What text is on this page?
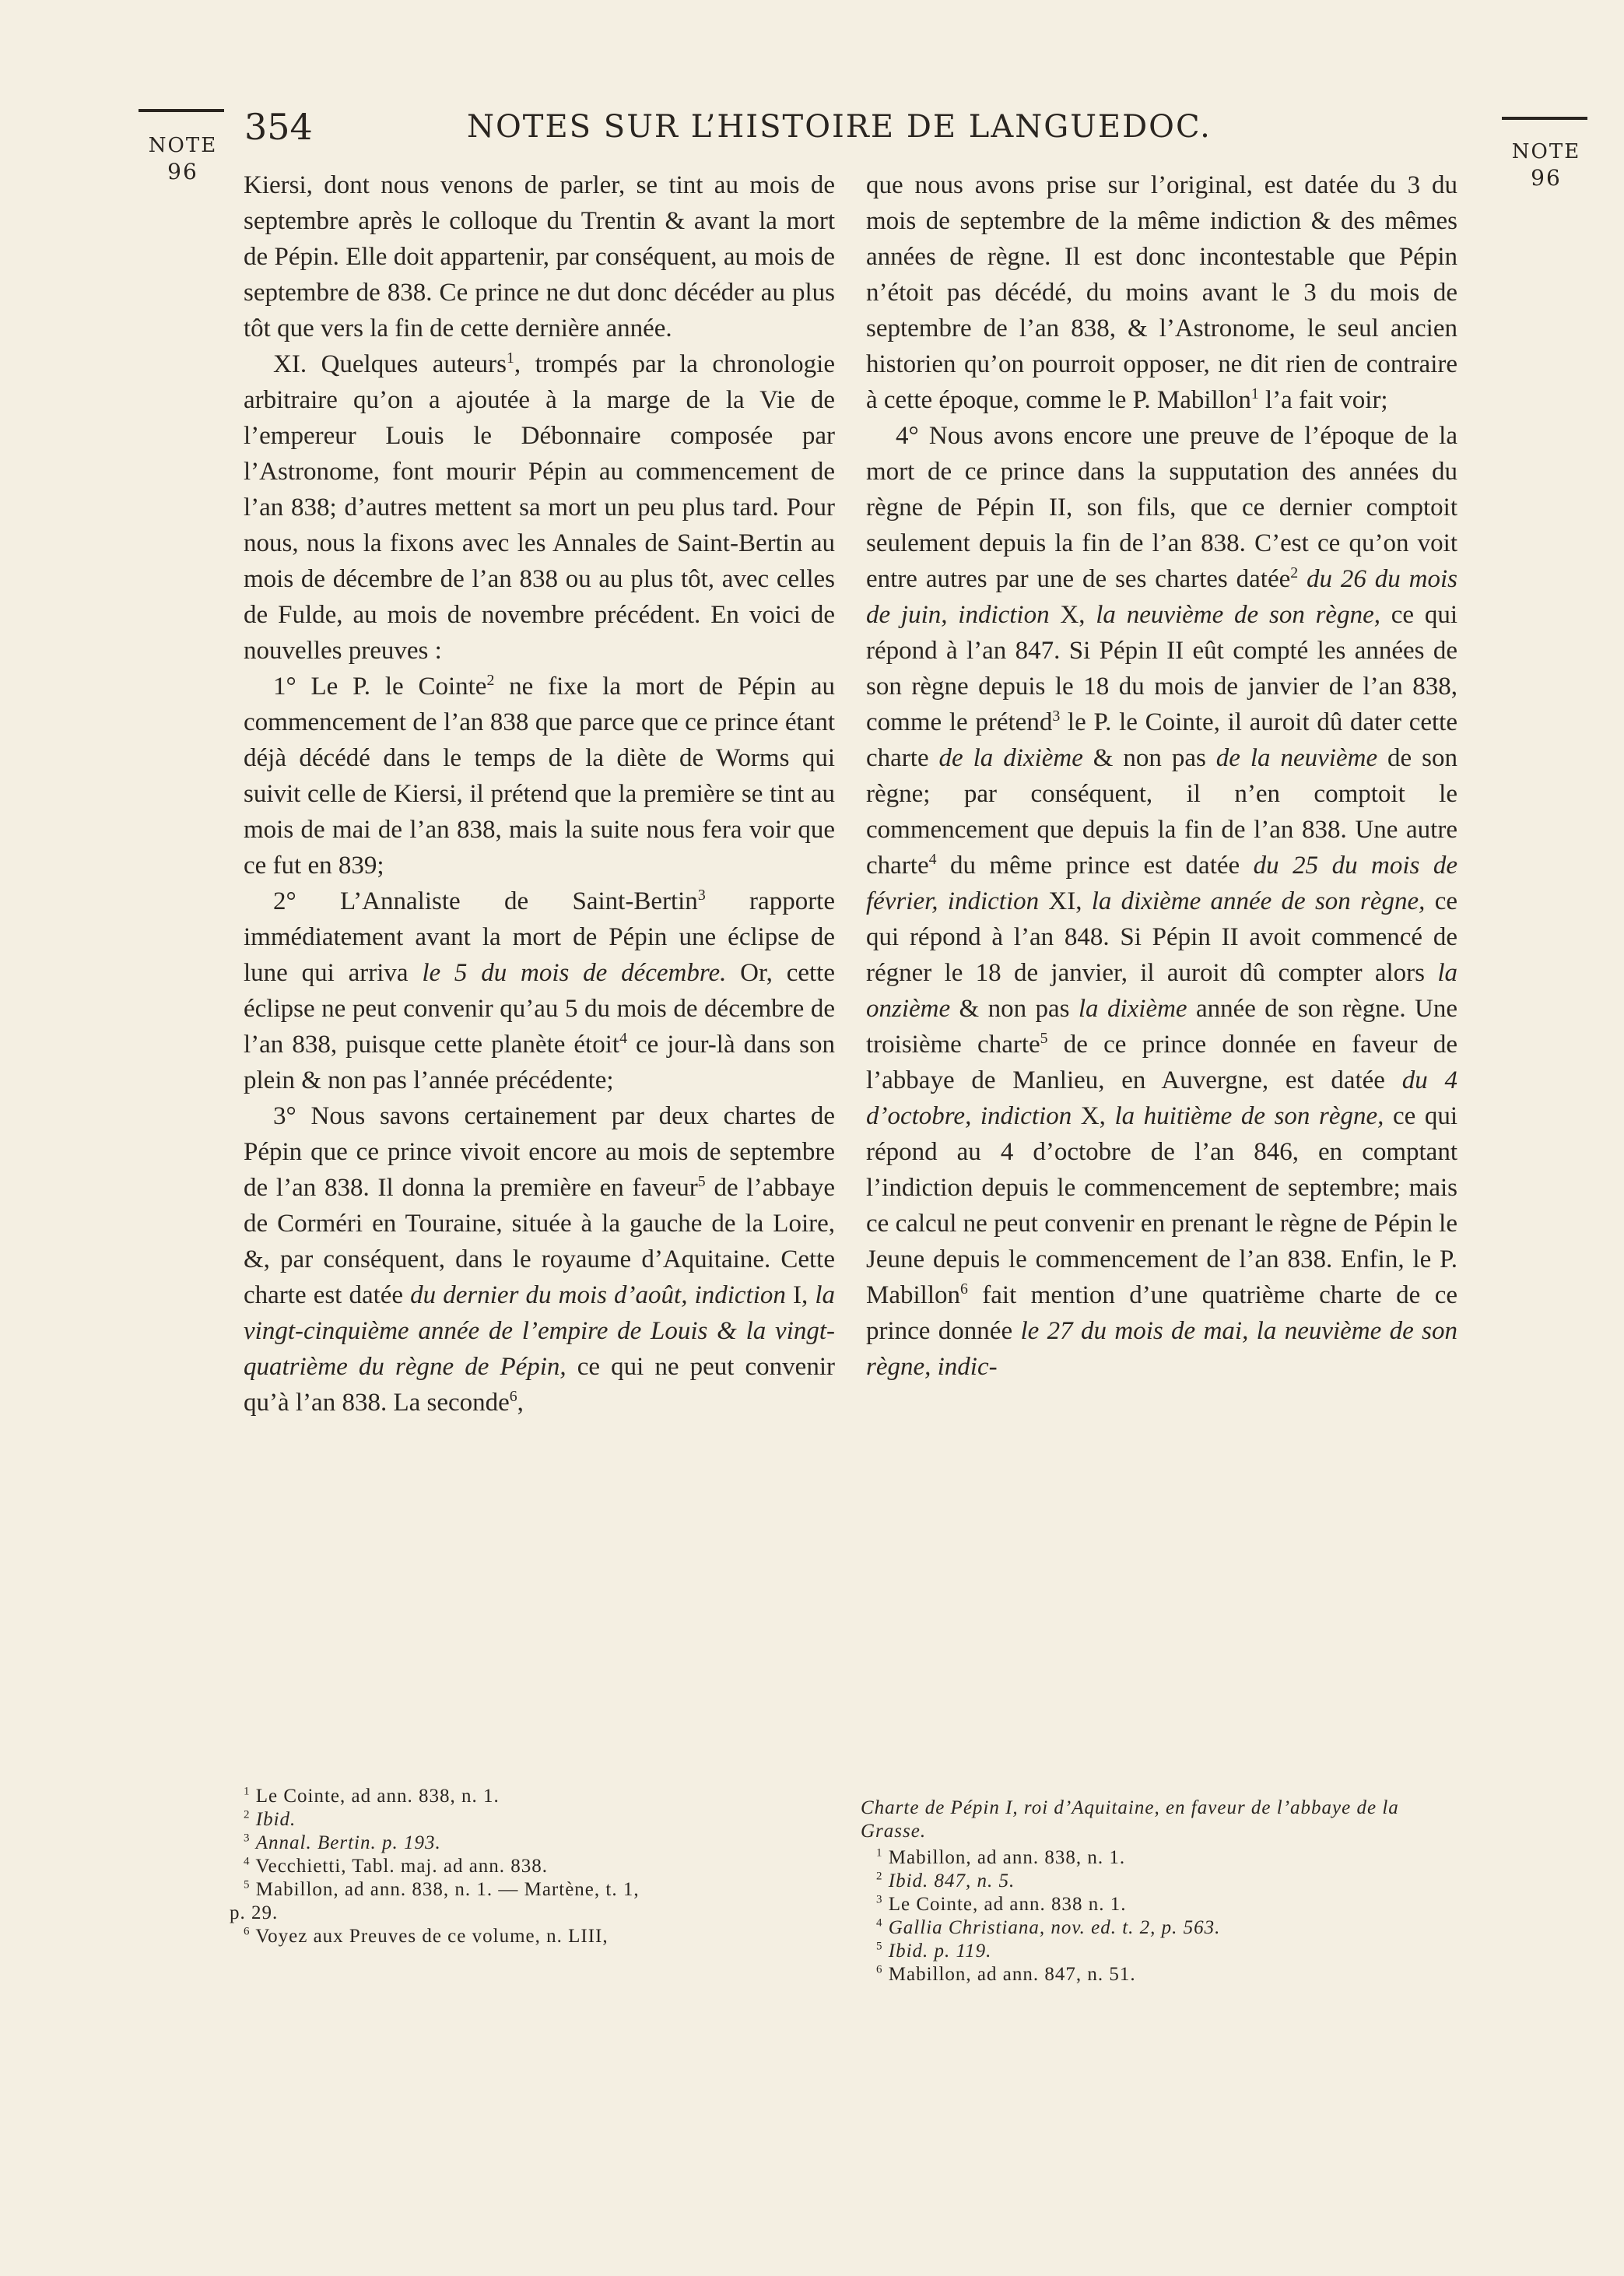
NOTE
96
NOTE
96
354	NOTES SUR L’HISTOIRE DE LANGUEDOC.

Kiersi, dont nous venons de parler, se tint au mois de septembre après le colloque du Trentin & avant la mort de Pépin. Elle doit appartenir, par conséquent, au mois de septembre de 838. Ce prince ne dut donc décéder au plus tôt que vers la fin de cette dernière année.

XI. Quelques auteurs$^1$, trompés par la chronologie arbitraire qu’on a ajoutée à la marge de la Vie de l’empereur Louis le Débonnaire composée par l’Astronome, font mourir Pépin au commencement de l’an 838; d’autres mettent sa mort un peu plus tard. Pour nous, nous la fixons avec les Annales de Saint-Bertin au mois de décembre de l’an 838 ou au plus tôt, avec celles de Fulde, au mois de novembre précédent. En voici de nouvelles preuves :

1° Le P. le Cointe$^2$ ne fixe la mort de Pépin au commencement de l’an 838 que parce que ce prince étant déjà décédé dans le temps de la diète de Worms qui suivit celle de Kiersi, il prétend que la première se tint au mois de mai de l’an 838, mais la suite nous fera voir que ce fut en 839;

2° L’Annaliste de Saint-Bertin$^3$ rapporte immédiatement avant la mort de Pépin une éclipse de lune qui arriva le 5 du mois de décembre. Or, cette éclipse ne peut convenir qu’au 5 du mois de décembre de l’an 838, puisque cette planète étoit$^4$ ce jour-là dans son plein & non pas l’année précédente;

3° Nous savons certainement par deux chartes de Pépin que ce prince vivoit encore au mois de septembre de l’an 838. Il donna la première en faveur$^5$ de l’abbaye de Corméri en Touraine, située à la gauche de la Loire, &, par conséquent, dans le royaume d’Aquitaine. Cette charte est datée du dernier du mois d’août, indiction I, la vingt-cinquième année de l’empire de Louis & la vingt-quatrième du règne de Pépin, ce qui ne peut convenir qu’à l’an 838. La seconde$^6$,

que nous avons prise sur l’original, est datée du 3 du mois de septembre de la même indiction & des mêmes années de règne. Il est donc incontestable que Pépin n’étoit pas décédé, du moins avant le 3 du mois de septembre de l’an 838, & l’Astronome, le seul ancien historien qu’on pourroit opposer, ne dit rien de contraire à cette époque, comme le P. Mabillon$^1$ l’a fait voir;

4° Nous avons encore une preuve de l’époque de la mort de ce prince dans la supputation des années du règne de Pépin II, son fils, que ce dernier comptoit seulement depuis la fin de l’an 838. C’est ce qu’on voit entre autres par une de ses chartes datée$^2$ du 26 du mois de juin, indiction X, la neuvième de son règne, ce qui répond à l’an 847. Si Pépin II eût compté les années de son règne depuis le 18 du mois de janvier de l’an 838, comme le prétend$^3$ le P. le Cointe, il auroit dû dater cette charte de la dixième & non pas de la neuvième de son règne; par conséquent, il n’en comptoit le commencement que depuis la fin de l’an 838. Une autre charte$^4$ du même prince est datée du 25 du mois de février, indiction XI, la dixième année de son règne, ce qui répond à l’an 848. Si Pépin II avoit commencé de régner le 18 de janvier, il auroit dû compter alors la onzième & non pas la dixième année de son règne. Une troisième charte$^5$ de ce prince donnée en faveur de l’abbaye de Manlieu, en Auvergne, est datée du 4 d’octobre, indiction X, la huitième de son règne, ce qui répond au 4 d’octobre de l’an 846, en comptant l’indiction depuis le commencement de septembre; mais ce calcul ne peut convenir en prenant le règne de Pépin le Jeune depuis le commencement de l’an 838. Enfin, le P. Mabillon$^6$ fait mention d’une quatrième charte de ce prince donnée le 27 du mois de mai, la neuvième de son règne, indic-

$^1$ Le Cointe, ad ann. 838, n. 1.
$^2$ Ibid.
$^3$ Annal. Bertin. p. 193.
$^4$ Vecchietti, Tabl. maj. ad ann. 838.
$^5$ Mabillon, ad ann. 838, n. 1. — Martène, t. 1,
p. 29.
$^6$ Voyez aux Preuves de ce volume, n. LIII,
Charte de Pépin I, roi d’Aquitaine, en faveur de l’abbaye de la Grasse.
$^1$ Mabillon, ad ann. 838, n. 1.
$^2$ Ibid. 847, n. 5.
$^3$ Le Cointe, ad ann. 838 n. 1.
$^4$ Gallia Christiana, nov. ed. t. 2, p. 563.
$^5$ Ibid. p. 119.
$^6$ Mabillon, ad ann. 847, n. 51.
